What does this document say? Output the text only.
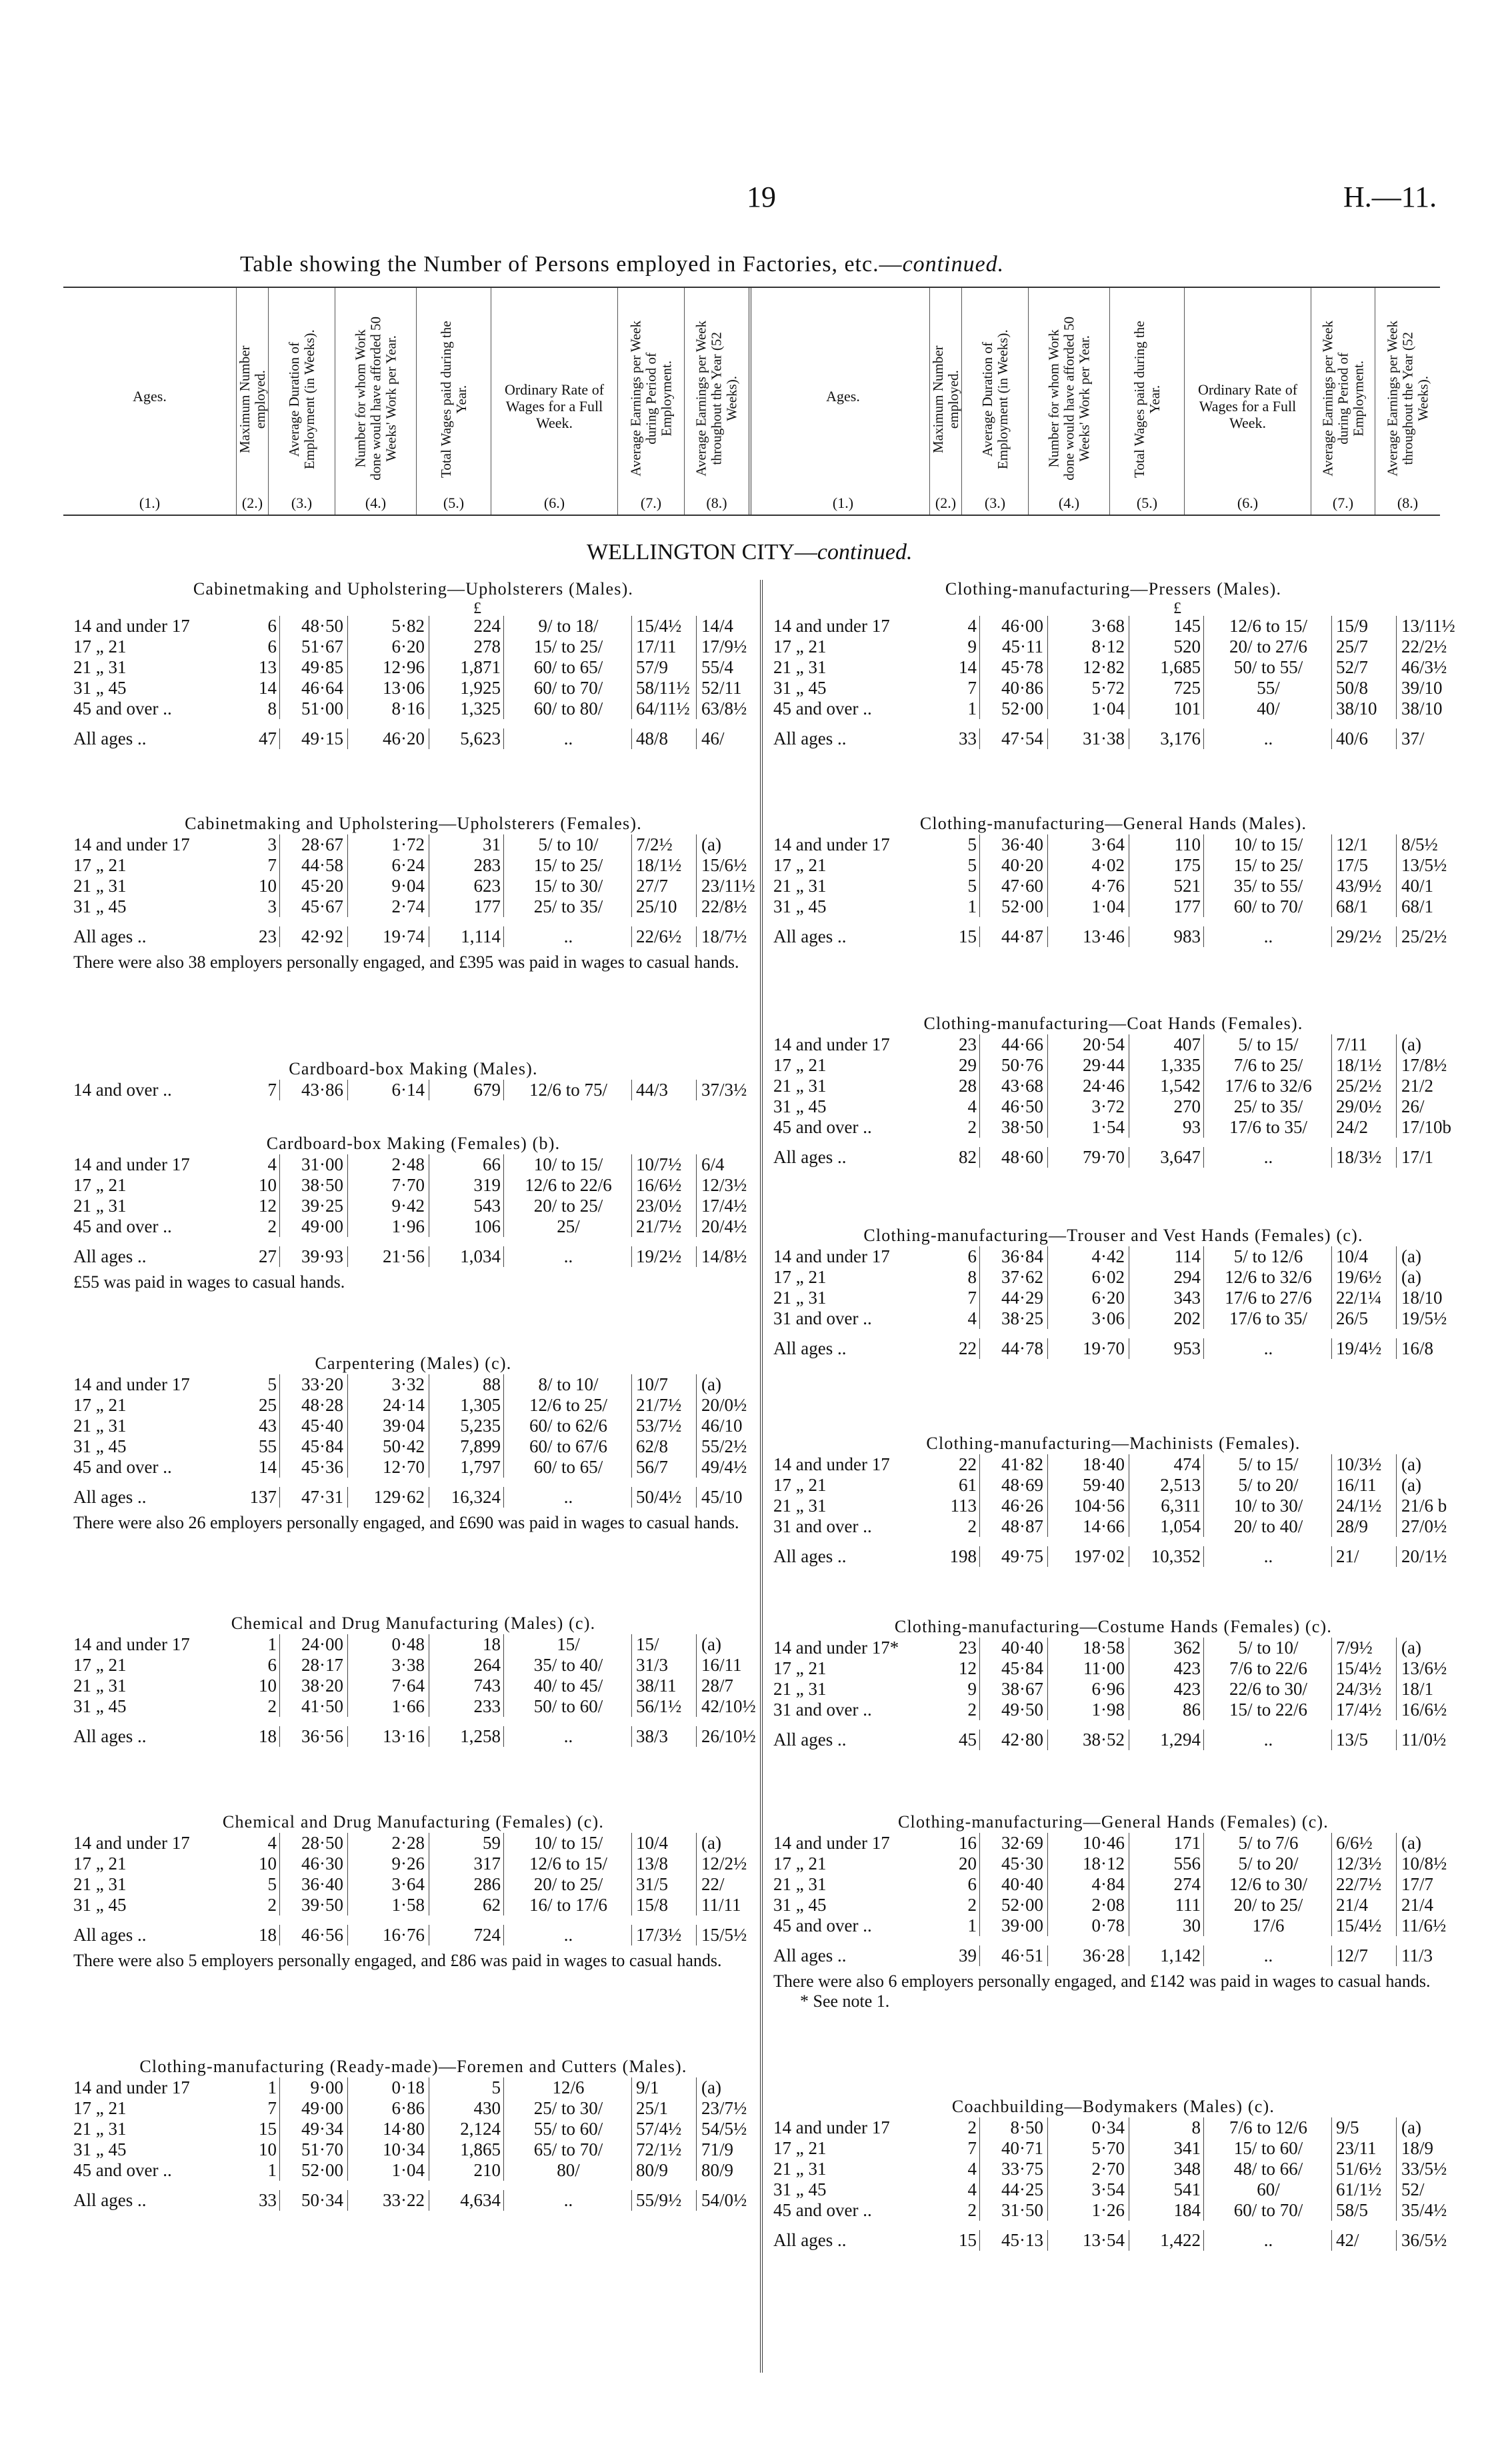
19	H.—11.
Table showing the Number of Persons employed in Factories, etc.—continued.
Ages.
(1.)
Maximum Number employed.
(2.)
Average Duration of Employment (in Weeks).
(3.)
Number for whom Work done would have afforded 50 Weeks' Work per Year.
(4.)
Total Wages paid during the Year.
(5.)
Ordinary Rate of Wages for a Full Week.
(6.)
Average Earnings per Week during Period of Employment.
(7.)
Average Earnings per Week throughout the Year (52 Weeks).
(8.)
Ages.
(1.)
Maximum Number employed.
(2.)
Average Duration of Employment (in Weeks).
(3.)
Number for whom Work done would have afforded 50 Weeks' Work per Year.
(4.)
Total Wages paid during the Year.
(5.)
Ordinary Rate of Wages for a Full Week.
(6.)
Average Earnings per Week during Period of Employment.
(7.)
Average Earnings per Week throughout the Year (52 Weeks).
(8.)
WELLINGTON CITY—continued.
Cabinetmaking and Upholstering—Upholsterers (Males).
£
14 and under 17	6	48·50	5·82	224	9/ to 18/	15/4½	14/4
17 „ 21	6	51·67	6·20	278	15/ to 25/	17/11	17/9½
21 „ 31	13	49·85	12·96	1,871	60/ to 65/	57/9	55/4
31 „ 45	14	46·64	13·06	1,925	60/ to 70/	58/11½ 52/11
45 and over ..	8	51·00	8·16	1,325	60/ to 80/	64/11½ 63/8½
All ages ..	47	49·15	46·20	5,623	..	48/8	46/
Cabinetmaking and Upholstering—Upholsterers (Females).
14 and under 17	3	28·67	1·72	31	5/ to 10/	7/2½	(a)
17 „ 21	7	44·58	6·24	283	15/ to 25/	18/1½	15/6½
21 „ 31	10	45·20	9·04	623	15/ to 30/	27/7	23/11½
31 „ 45	3	45·67	2·74	177	25/ to 35/	25/10	22/8½
All ages ..	23	42·92	19·74	1,114	..	22/6½	18/7½
There were also 38 employers personally engaged, and £395 was paid in wages to casual hands.
Cardboard-box Making (Males).
14 and over ..	7	43·86	6·14	679	12/6 to 75/	44/3	37/3½
Cardboard-box Making (Females) (b).
14 and under 17	4	31·00	2·48	66	10/ to 15/	10/7½	6/4
17 „ 21	10	38·50	7·70	319	12/6 to 22/6	16/6½	12/3½
21 „ 31	12	39·25	9·42	543	20/ to 25/	23/0½	17/4½
45 and over ..	2	49·00	1·96	106	25/	21/7½	20/4½
All ages ..	27	39·93	21·56	1,034	..	19/2½	14/8½
£55 was paid in wages to casual hands.
Carpentering (Males) (c).
14 and under 17	5	33·20	3·32	88	8/ to 10/	10/7	(a)
17 „ 21	25	48·28	24·14	1,305	12/6 to 25/	21/7½	20/0½
21 „ 31	43	45·40	39·04	5,235	60/ to 62/6	53/7½	46/10
31 „ 45	55	45·84	50·42	7,899	60/ to 67/6	62/8	55/2½
45 and over ..	14	45·36	12·70	1,797	60/ to 65/	56/7	49/4½
All ages ..	137	47·31	129·62	16,324	..	50/4½	45/10
There were also 26 employers personally engaged, and £690 was paid in wages to casual hands.
Chemical and Drug Manufacturing (Males) (c).
14 and under 17	1	24·00	0·48	18	15/	15/	(a)
17 „ 21	6	28·17	3·38	264	35/ to 40/	31/3	16/11
21 „ 31	10	38·20	7·64	743	40/ to 45/	38/11	28/7
31 „ 45	2	41·50	1·66	233	50/ to 60/	56/1½	42/10½
All ages ..	18	36·56	13·16	1,258	..	38/3	26/10½
Chemical and Drug Manufacturing (Females) (c).
14 and under 17	4	28·50	2·28	59	10/ to 15/	10/4	(a)
17 „ 21	10	46·30	9·26	317	12/6 to 15/	13/8	12/2½
21 „ 31	5	36·40	3·64	286	20/ to 25/	31/5	22/
31 „ 45	2	39·50	1·58	62	16/ to 17/6	15/8	11/11
All ages ..	18	46·56	16·76	724	..	17/3½	15/5½
There were also 5 employers personally engaged, and £86 was paid in wages to casual hands.
Clothing-manufacturing (Ready-made)—Foremen and Cutters (Males).
14 and under 17	1	9·00	0·18	5	12/6	9/1	(a)
17 „ 21	7	49·00	6·86	430	25/ to 30/	25/1	23/7½
21 „ 31	15	49·34	14·80	2,124	55/ to 60/	57/4½	54/5½
31 „ 45	10	51·70	10·34	1,865	65/ to 70/	72/1½	71/9
45 and over ..	1	52·00	1·04	210	80/	80/9	80/9
All ages ..	33	50·34	33·22	4,634	..	55/9½	54/0½
Clothing-manufacturing—Pressers (Males).
£
14 and under 17	4	46·00	3·68	145	12/6 to 15/	15/9	13/11½
17 „ 21	9	45·11	8·12	520	20/ to 27/6	25/7	22/2½
21 „ 31	14	45·78	12·82	1,685	50/ to 55/	52/7	46/3½
31 „ 45	7	40·86	5·72	725	55/	50/8	39/10
45 and over ..	1	52·00	1·04	101	40/	38/10	38/10
All ages ..	33	47·54	31·38	3,176	..	40/6	37/
Clothing-manufacturing—General Hands (Males).
14 and under 17	5	36·40	3·64	110	10/ to 15/	12/1	8/5½
17 „ 21	5	40·20	4·02	175	15/ to 25/	17/5	13/5½
21 „ 31	5	47·60	4·76	521	35/ to 55/	43/9½	40/1
31 „ 45	1	52·00	1·04	177	60/ to 70/	68/1	68/1
All ages ..	15	44·87	13·46	983	..	29/2½	25/2½
Clothing-manufacturing—Coat Hands (Females).
14 and under 17	23	44·66	20·54	407	5/ to 15/	7/11	(a)
17 „ 21	29	50·76	29·44	1,335	7/6 to 25/	18/1½	17/8½
21 „ 31	28	43·68	24·46	1,542	17/6 to 32/6	25/2½	21/2
31 „ 45	4	46·50	3·72	270	25/ to 35/	29/0½	26/
45 and over ..	2	38·50	1·54	93	17/6 to 35/	24/2	17/10b
All ages ..	82	48·60	79·70	3,647	..	18/3½	17/1
Clothing-manufacturing—Trouser and Vest Hands (Females) (c).
14 and under 17	6	36·84	4·42	114	5/ to 12/6	10/4	(a)
17 „ 21	8	37·62	6·02	294	12/6 to 32/6	19/6½	(a)
21 „ 31	7	44·29	6·20	343	17/6 to 27/6	22/1¼	18/10
31 and over ..	4	38·25	3·06	202	17/6 to 35/	26/5	19/5½
All ages ..	22	44·78	19·70	953	..	19/4½	16/8
Clothing-manufacturing—Machinists (Females).
14 and under 17	22	41·82	18·40	474	5/ to 15/	10/3½	(a)
17 „ 21	61	48·69	59·40	2,513	5/ to 20/	16/11	(a)
21 „ 31	113	46·26	104·56	6,311	10/ to 30/	24/1½	21/6 b
31 and over ..	2	48·87	14·66	1,054	20/ to 40/	28/9	27/0½
All ages ..	198	49·75	197·02	10,352	..	21/	20/1½
Clothing-manufacturing—Costume Hands (Females) (c).
14 and under 17*	23	40·40	18·58	362	5/ to 10/	7/9½	(a)
17 „ 21	12	45·84	11·00	423	7/6 to 22/6	15/4½	13/6½
21 „ 31	9	38·67	6·96	423	22/6 to 30/	24/3½	18/1
31 and over ..	2	49·50	1·98	86	15/ to 22/6	17/4½	16/6½
All ages ..	45	42·80	38·52	1,294	..	13/5	11/0½
Clothing-manufacturing—General Hands (Females) (c).
14 and under 17	16	32·69	10·46	171	5/ to 7/6	6/6½	(a)
17 „ 21	20	45·30	18·12	556	5/ to 20/	12/3½	10/8½
21 „ 31	6	40·40	4·84	274	12/6 to 30/	22/7½	17/7
31 „ 45	2	52·00	2·08	111	20/ to 25/	21/4	21/4
45 and over ..	1	39·00	0·78	30	17/6	15/4½	11/6½
All ages ..	39	46·51	36·28	1,142	..	12/7	11/3
There were also 6 employers personally engaged, and £142 was paid in wages to casual hands.
* See note 1.
Coachbuilding—Bodymakers (Males) (c).
14 and under 17	2	8·50	0·34	8	7/6 to 12/6	9/5	(a)
17 „ 21	7	40·71	5·70	341	15/ to 60/	23/11	18/9
21 „ 31	4	33·75	2·70	348	48/ to 66/	51/6½	33/5½
31 „ 45	4	44·25	3·54	541	60/	61/1½	52/
45 and over ..	2	31·50	1·26	184	60/ to 70/	58/5	35/4½
All ages ..	15	45·13	13·54	1,422	..	42/	36/5½
